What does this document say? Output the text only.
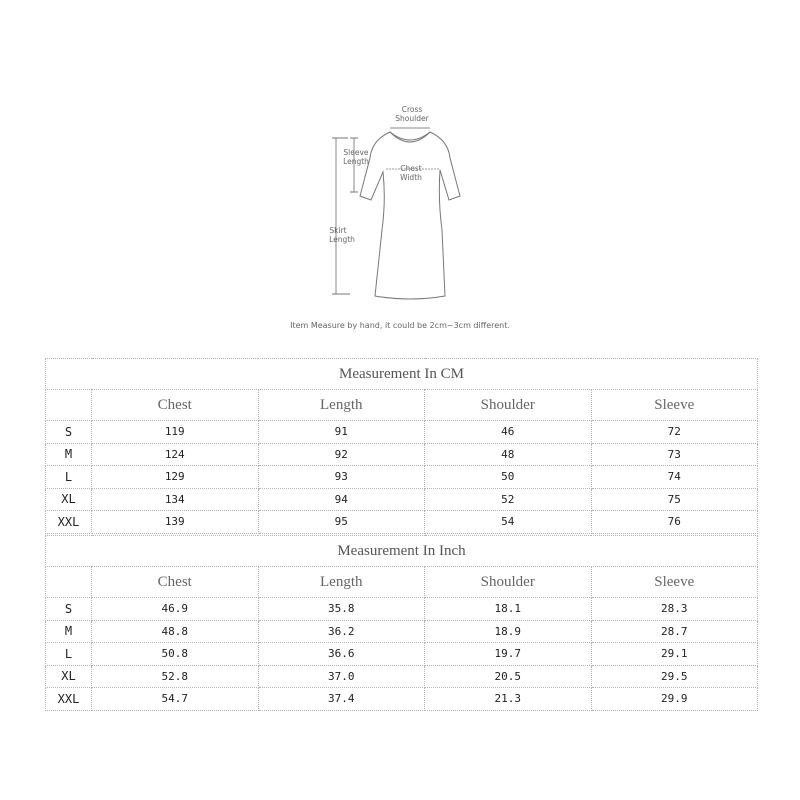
Cross
Shoulder
Sleeve
Length
Chest
Width
Skirt
Length
Item Measure by hand, it could be 2cm~3cm different.
Measurement In CM				
	Chest	Length	Shoulder	Sleeve
S	119	91	46	72
M	124	92	48	73
L	129	93	50	74
XL	134	94	52	75
XXL	139	95	54	76
Measurement In Inch				
	Chest	Length	Shoulder	Sleeve
S	46.9	35.8	18.1	28.3
M	48.8	36.2	18.9	28.7
L	50.8	36.6	19.7	29.1
XL	52.8	37.0	20.5	29.5
XXL	54.7	37.4	21.3	29.9
